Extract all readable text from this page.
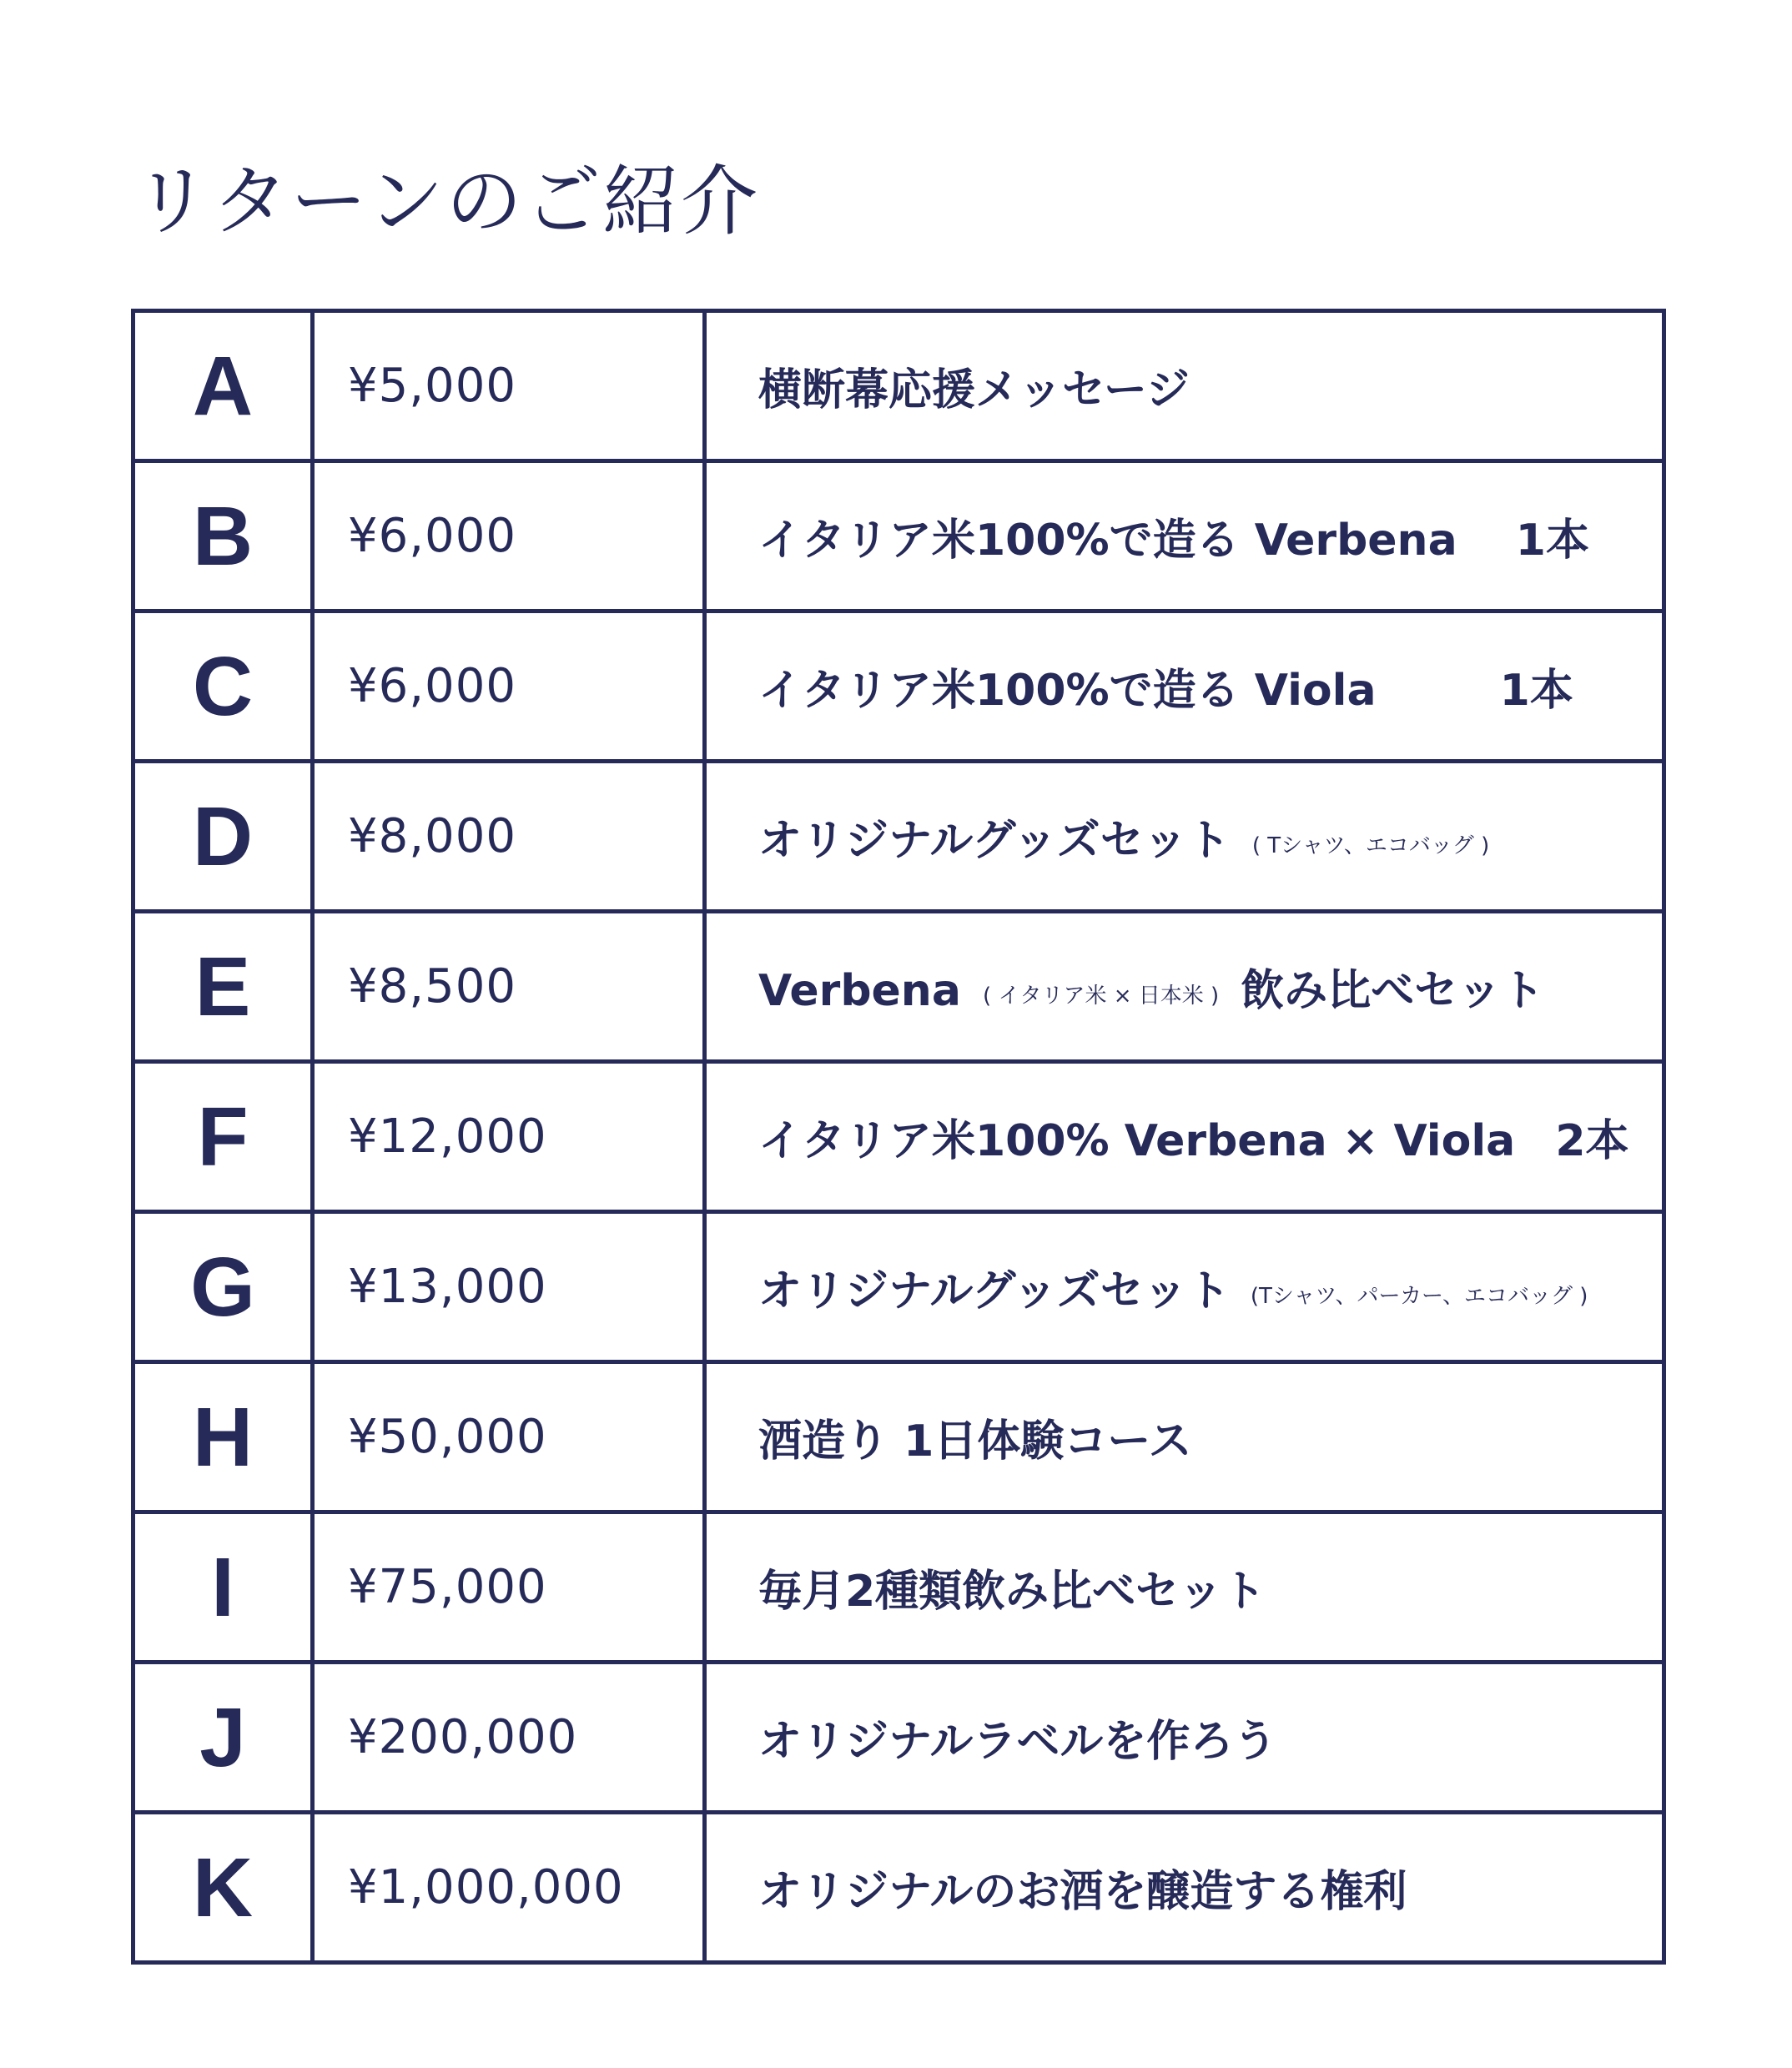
リターンのご紹介
A	¥5,000	横断幕応援メッセージ
B	¥6,000	イタリア米100%で造る Verbena 1本
C	¥6,000	イタリア米100%で造る Viola 1本
D	¥8,000	オリジナルグッズセット ( Tシャツ、エコバッグ )
E	¥8,500	Verbena ( イタリア米 × 日本米 ) 飲み比べセット
F	¥12,000	イタリア米100% Verbena × Viola 2本
G	¥13,000	オリジナルグッズセット (Tシャツ、パーカー、エコバッグ )
H	¥50,000	酒造り 1日体験コース
I	¥75,000	毎月2種類飲み比べセット
J	¥200,000	オリジナルラベルを作ろう
K	¥1,000,000	オリジナルのお酒を醸造する権利
